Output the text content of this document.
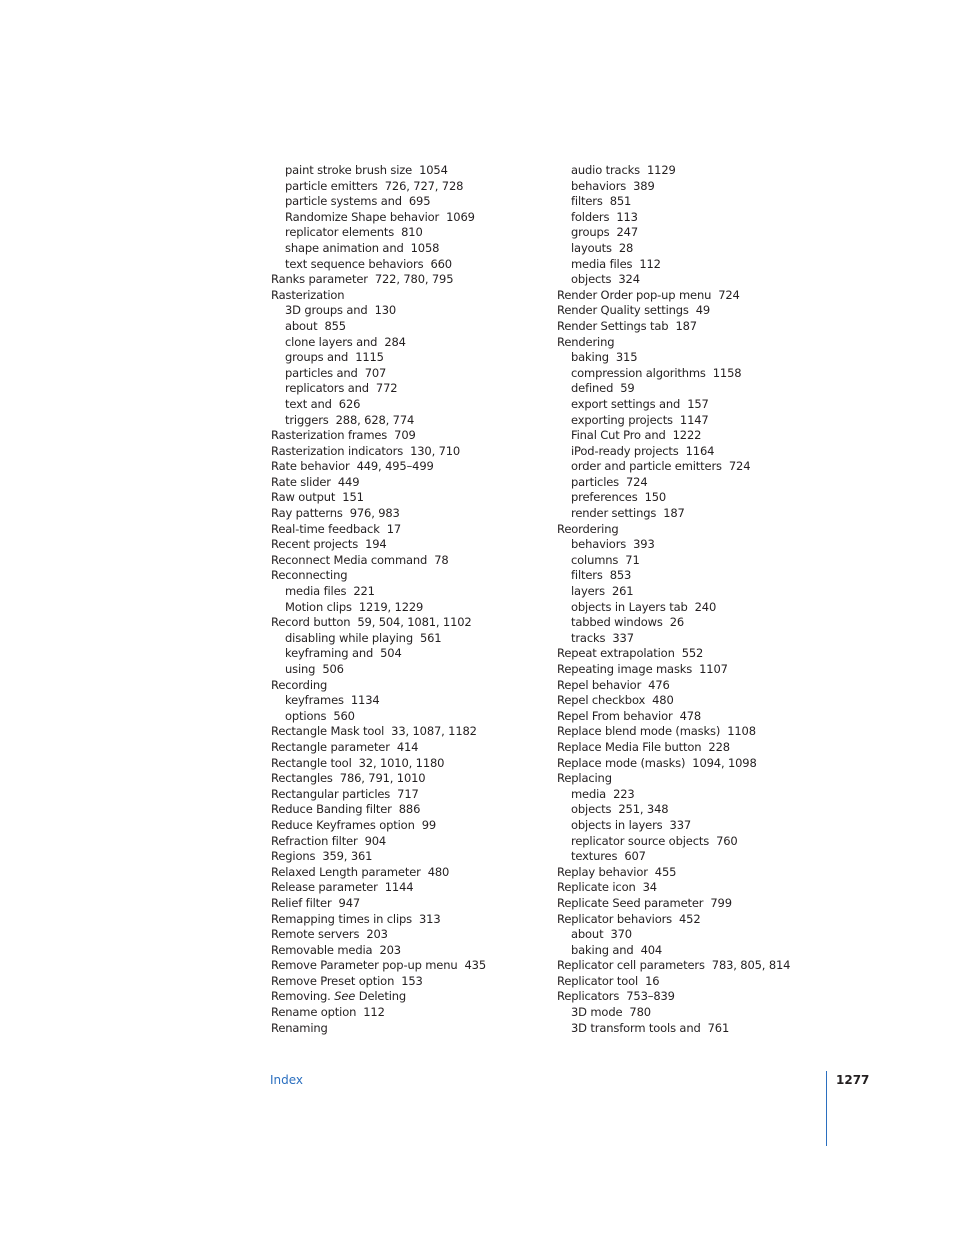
paint stroke brush size 1054
particle emitters 726, 727, 728
particle systems and 695
Randomize Shape behavior 1069
replicator elements 810
shape animation and 1058
text sequence behaviors 660
Ranks parameter 722, 780, 795
Rasterization
3D groups and 130
about 855
clone layers and 284
groups and 1115
particles and 707
replicators and 772
text and 626
triggers 288, 628, 774
Rasterization frames 709
Rasterization indicators 130, 710
Rate behavior 449, 495–499
Rate slider 449
Raw output 151
Ray patterns 976, 983
Real-time feedback 17
Recent projects 194
Reconnect Media command 78
Reconnecting
media files 221
Motion clips 1219, 1229
Record button 59, 504, 1081, 1102
disabling while playing 561
keyframing and 504
using 506
Recording
keyframes 1134
options 560
Rectangle Mask tool 33, 1087, 1182
Rectangle parameter 414
Rectangle tool 32, 1010, 1180
Rectangles 786, 791, 1010
Rectangular particles 717
Reduce Banding filter 886
Reduce Keyframes option 99
Refraction filter 904
Regions 359, 361
Relaxed Length parameter 480
Release parameter 1144
Relief filter 947
Remapping times in clips 313
Remote servers 203
Removable media 203
Remove Parameter pop-up menu 435
Remove Preset option 153
Removing. See Deleting
Rename option 112
Renaming
audio tracks 1129
behaviors 389
filters 851
folders 113
groups 247
layouts 28
media files 112
objects 324
Render Order pop-up menu 724
Render Quality settings 49
Render Settings tab 187
Rendering
baking 315
compression algorithms 1158
defined 59
export settings and 157
exporting projects 1147
Final Cut Pro and 1222
iPod-ready projects 1164
order and particle emitters 724
particles 724
preferences 150
render settings 187
Reordering
behaviors 393
columns 71
filters 853
layers 261
objects in Layers tab 240
tabbed windows 26
tracks 337
Repeat extrapolation 552
Repeating image masks 1107
Repel behavior 476
Repel checkbox 480
Repel From behavior 478
Replace blend mode (masks) 1108
Replace Media File button 228
Replace mode (masks) 1094, 1098
Replacing
media 223
objects 251, 348
objects in layers 337
replicator source objects 760
textures 607
Replay behavior 455
Replicate icon 34
Replicate Seed parameter 799
Replicator behaviors 452
about 370
baking and 404
Replicator cell parameters 783, 805, 814
Replicator tool 16
Replicators 753–839
3D mode 780
3D transform tools and 761
Index	1277
